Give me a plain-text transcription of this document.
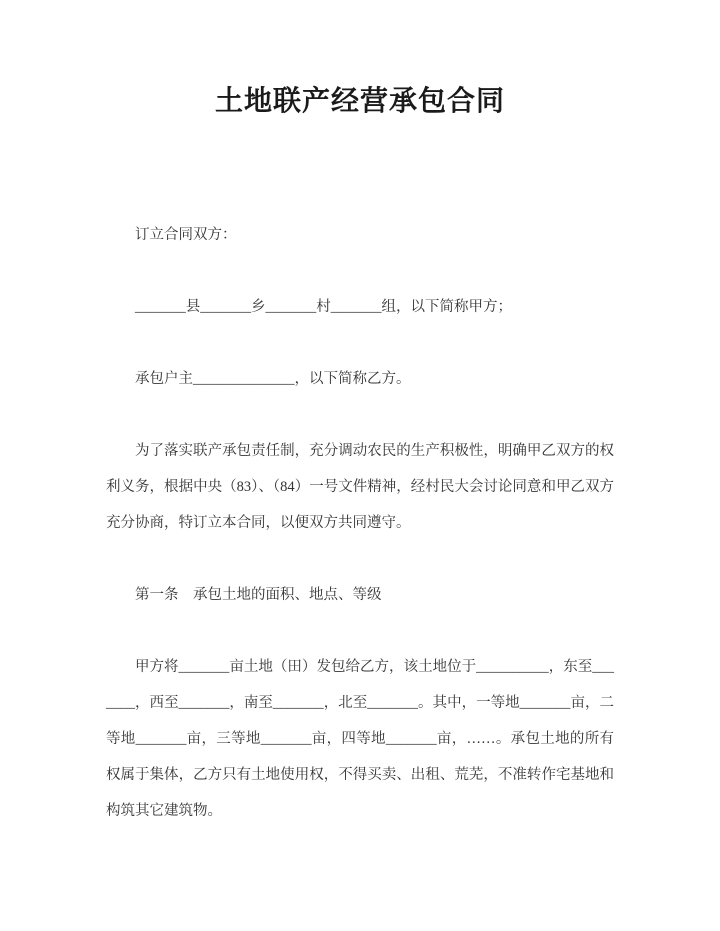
土地联产经营承包合同

订立合同双方：

_______县_______乡_______村_______组，以下简称甲方；

承包户主______________，以下简称乙方。

为了落实联产承包责任制，充分调动农民的生产积极性，明确甲乙双方的权利义务，根据中央（83）、（84）一号文件精神，经村民大会讨论同意和甲乙双方充分协商，特订立本合同，以便双方共同遵守。

第一条　承包土地的面积、地点、等级

甲方将_______亩土地（田）发包给乙方，该土地位于__________，东至_______，西至_______，南至_______，北至_______。其中，一等地_______亩，二等地_______亩，三等地_______亩，四等地_______亩，……。承包土地的所有权属于集体，乙方只有土地使用权，不得买卖、出租、荒芜，不准转作宅基地和构筑其它建筑物。
